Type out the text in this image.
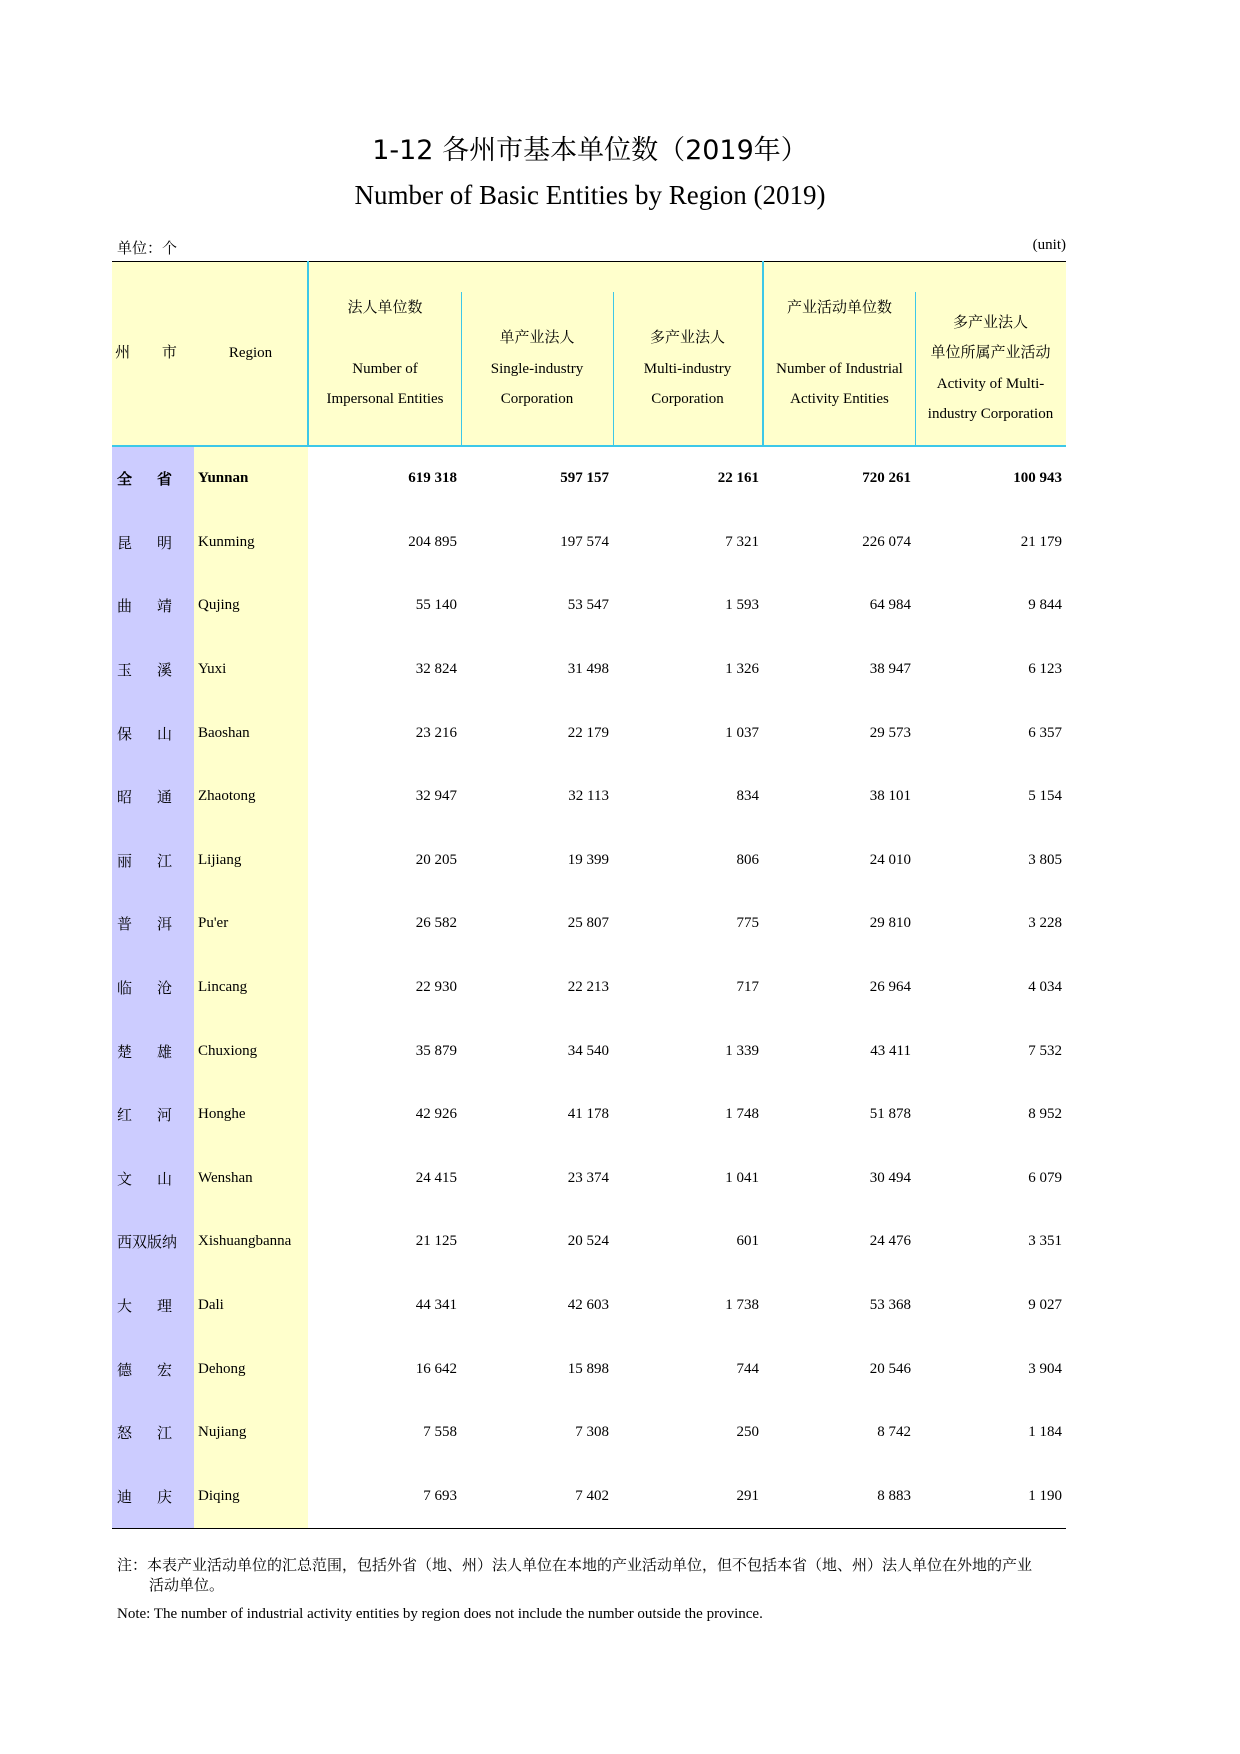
1-12 各州市基本单位数（2019年）
Number of Basic Entities by Region (2019)
单位：个	(unit)
州 市	Region	法人单位数

Number of
Impersonal Entities	单产业法人
Single-industry
Corporation	多产业法人
Multi-industry
Corporation	产业活动单位数

Number of Industrial
Activity Entities	多产业法人
单位所属产业活动
Activity of Multi-
industry Corporation
全 省	Yunnan	619 318	597 157	22 161	720 261	100 943
昆 明	Kunming	204 895	197 574	7 321	226 074	21 179
曲 靖	Qujing	55 140	53 547	1 593	64 984	9 844
玉 溪	Yuxi	32 824	31 498	1 326	38 947	6 123
保 山	Baoshan	23 216	22 179	1 037	29 573	6 357
昭 通	Zhaotong	32 947	32 113	834	38 101	5 154
丽 江	Lijiang	20 205	19 399	806	24 010	3 805
普 洱	Pu'er	26 582	25 807	775	29 810	3 228
临 沧	Lincang	22 930	22 213	717	26 964	4 034
楚 雄	Chuxiong	35 879	34 540	1 339	43 411	7 532
红 河	Honghe	42 926	41 178	1 748	51 878	8 952
文 山	Wenshan	24 415	23 374	1 041	30 494	6 079
西双版纳	Xishuangbanna	21 125	20 524	601	24 476	3 351
大 理	Dali	44 341	42 603	1 738	53 368	9 027
德 宏	Dehong	16 642	15 898	744	20 546	3 904
怒 江	Nujiang	7 558	7 308	250	8 742	1 184
迪 庆	Diqing	7 693	7 402	291	8 883	1 190
注：本表产业活动单位的汇总范围，包括外省（地、州）法人单位在本地的产业活动单位，但不包括本省（地、州）法人单位在外地的产业
活动单位。
Note: The number of industrial activity entities by region does not include the number outside the province.
